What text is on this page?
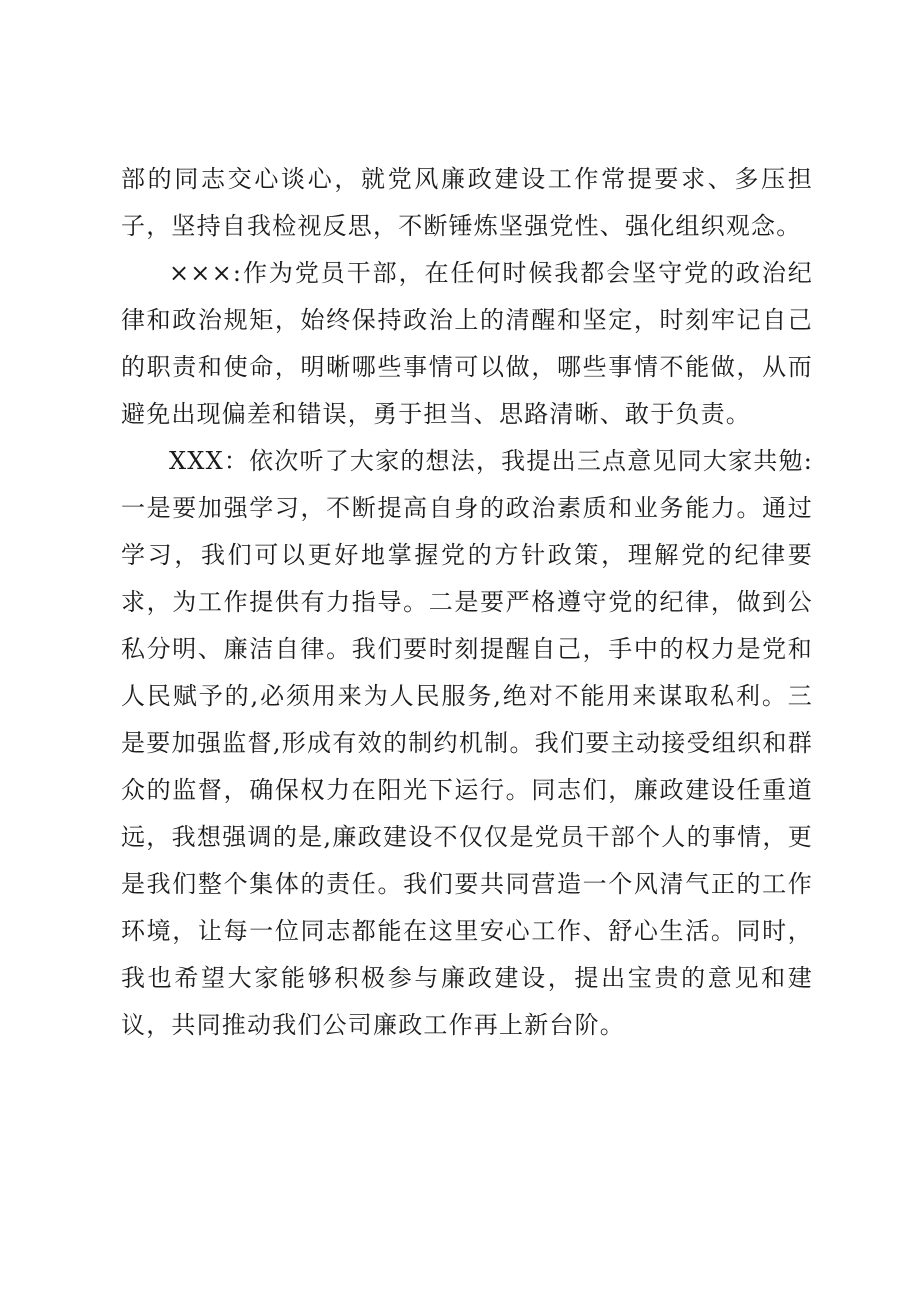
部的同志交心谈心，就党风廉政建设工作常提要求、多压担子，坚持自我检视反思，不断锤炼坚强党性、强化组织观念。

×××:作为党员干部，在任何时候我都会坚守党的政治纪律和政治规矩，始终保持政治上的清醒和坚定，时刻牢记自己的职责和使命，明晰哪些事情可以做，哪些事情不能做，从而避免出现偏差和错误，勇于担当、思路清晰、敢于负责。

XXX：依次听了大家的想法，我提出三点意见同大家共勉:一是要加强学习，不断提高自身的政治素质和业务能力。通过学习，我们可以更好地掌握党的方针政策，理解党的纪律要求，为工作提供有力指导。二是要严格遵守党的纪律，做到公私分明、廉洁自律。我们要时刻提醒自己，手中的权力是党和人民赋予的,必须用来为人民服务,绝对不能用来谋取私利。三是要加强监督,形成有效的制约机制。我们要主动接受组织和群众的监督，确保权力在阳光下运行。同志们，廉政建设任重道远，我想强调的是,廉政建设不仅仅是党员干部个人的事情，更是我们整个集体的责任。我们要共同营造一个风清气正的工作环境，让每一位同志都能在这里安心工作、舒心生活。同时，我也希望大家能够积极参与廉政建设，提出宝贵的意见和建议，共同推动我们公司廉政工作再上新台阶。
